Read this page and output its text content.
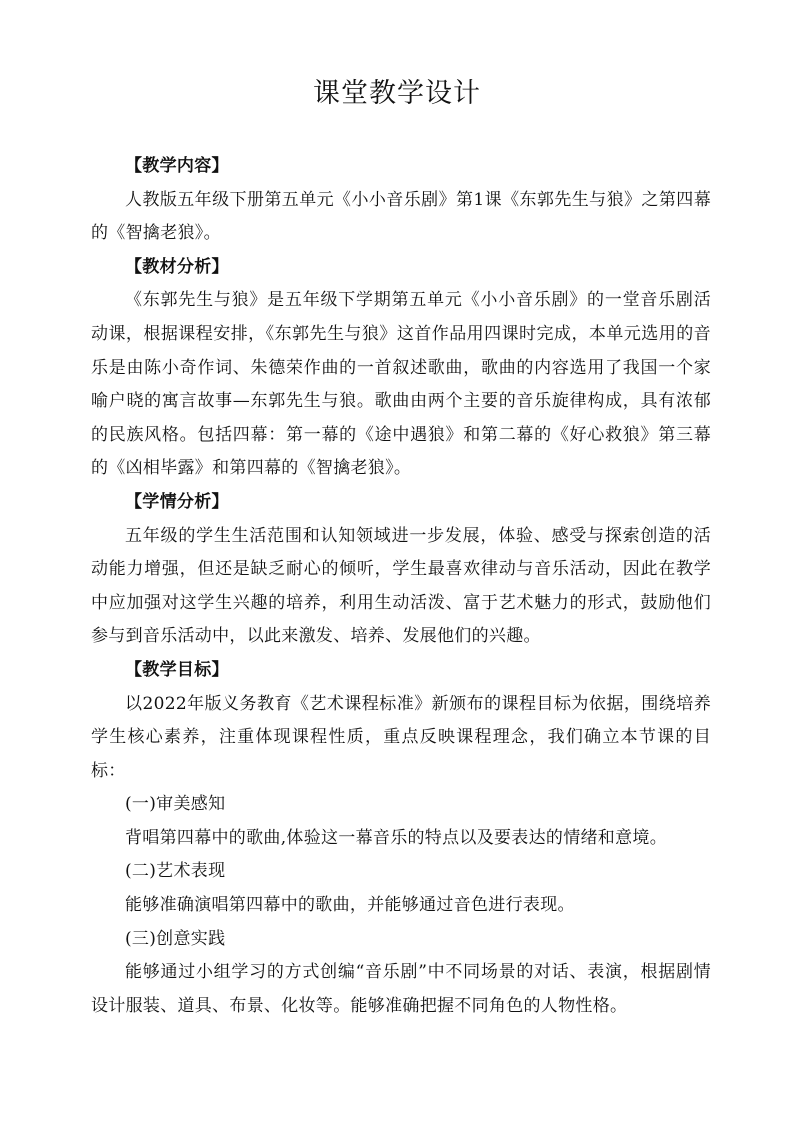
课堂教学设计

【教学内容】

人教版五年级下册第五单元《小小音乐剧》第1课《东郭先生与狼》之第四幕的《智擒老狼》。

【教材分析】

《东郭先生与狼》是五年级下学期第五单元《小小音乐剧》的一堂音乐剧活动课，根据课程安排，《东郭先生与狼》这首作品用四课时完成，本单元选用的音乐是由陈小奇作词、朱德荣作曲的一首叙述歌曲，歌曲的内容选用了我国一个家喻户晓的寓言故事—东郭先生与狼。歌曲由两个主要的音乐旋律构成，具有浓郁的民族风格。包括四幕：第一幕的《途中遇狼》和第二幕的《好心救狼》第三幕的《凶相毕露》和第四幕的《智擒老狼》。

【学情分析】

五年级的学生生活范围和认知领域进一步发展，体验、感受与探索创造的活动能力增强，但还是缺乏耐心的倾听，学生最喜欢律动与音乐活动，因此在教学中应加强对这学生兴趣的培养，利用生动活泼、富于艺术魅力的形式，鼓励他们参与到音乐活动中，以此来激发、培养、发展他们的兴趣。

【教学目标】

以2022年版义务教育《艺术课程标准》新颁布的课程目标为依据，围绕培养学生核心素养，注重体现课程性质，重点反映课程理念，我们确立本节课的目标：

(一)审美感知

背唱第四幕中的歌曲,体验这一幕音乐的特点以及要表达的情绪和意境。

(二)艺术表现

能够准确演唱第四幕中的歌曲，并能够通过音色进行表现。

(三)创意实践

能够通过小组学习的方式创编“音乐剧”中不同场景的对话、表演，根据剧情设计服装、道具、布景、化妆等。能够准确把握不同角色的人物性格。
